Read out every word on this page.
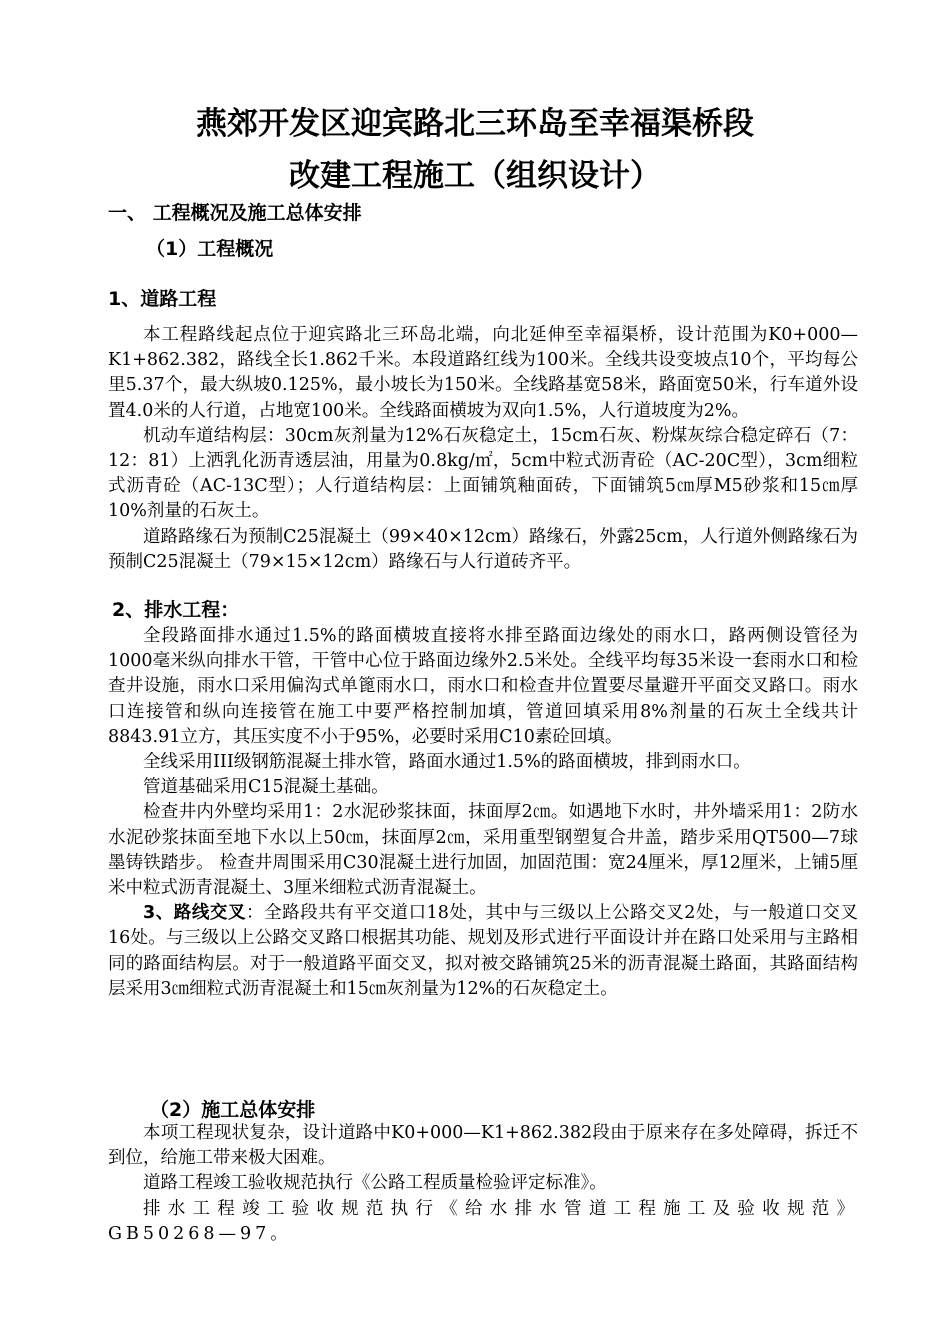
燕郊开发区迎宾路北三环岛至幸福渠桥段
改建工程施工（组织设计）
一、 工程概况及施工总体安排
（1）工程概况
1、道路工程

本工程路线起点位于迎宾路北三环岛北端，向北延伸至幸福渠桥，设计范围为K0+000—K1+862.382，路线全长1.862千米。本段道路红线为100米。全线共设变坡点10个，平均每公里5.37个，最大纵坡0.125%，最小坡长为150米。全线路基宽58米，路面宽50米，行车道外设置4.0米的人行道，占地宽100米。全线路面横坡为双向1.5%，人行道坡度为2%。

机动车道结构层：30cm灰剂量为12%石灰稳定土，15cm石灰、粉煤灰综合稳定碎石（7：12：81）上洒乳化沥青透层油，用量为0.8kg/㎡，5cm中粒式沥青砼（AC-20C型），3cm细粒式沥青砼（AC-13C型）；人行道结构层：上面铺筑釉面砖，下面铺筑5㎝厚M5砂浆和15㎝厚10%剂量的石灰土。

道路路缘石为预制C25混凝土（99×40×12cm）路缘石，外露25cm，人行道外侧路缘石为预制C25混凝土（79×15×12cm）路缘石与人行道砖齐平。

2、排水工程：

全段路面排水通过1.5%的路面横坡直接将水排至路面边缘处的雨水口，路两侧设管径为1000毫米纵向排水干管，干管中心位于路面边缘外2.5米处。全线平均每35米设一套雨水口和检查井设施，雨水口采用偏沟式单篦雨水口，雨水口和检查井位置要尽量避开平面交叉路口。雨水口连接管和纵向连接管在施工中要严格控制加填，管道回填采用8%剂量的石灰土全线共计8843.91立方，其压实度不小于95%，必要时采用C10素砼回填。

全线采用III级钢筋混凝土排水管，路面水通过1.5%的路面横坡，排到雨水口。

管道基础采用C15混凝土基础。

检查井内外壁均采用1：2水泥砂浆抹面，抹面厚2㎝。如遇地下水时，井外墙采用1：2防水水泥砂浆抹面至地下水以上50㎝，抹面厚2㎝，采用重型钢塑复合井盖，踏步采用QT500—7球墨铸铁踏步。 检查井周围采用C30混凝土进行加固，加固范围：宽24厘米，厚12厘米，上铺5厘米中粒式沥青混凝土、3厘米细粒式沥青混凝土。

3、路线交叉：全路段共有平交道口18处，其中与三级以上公路交叉2处，与一般道口交叉16处。与三级以上公路交叉路口根据其功能、规划及形式进行平面设计并在路口处采用与主路相同的路面结构层。对于一般道路平面交叉，拟对被交路铺筑25米的沥青混凝土路面，其路面结构层采用3㎝细粒式沥青混凝土和15㎝灰剂量为12%的石灰稳定土。

（2）施工总体安排

本项工程现状复杂，设计道路中K0+000—K1+862.382段由于原来存在多处障碍，拆迁不到位，给施工带来极大困难。

道路工程竣工验收规范执行《公路工程质量检验评定标准》。

排水工程竣工验收规范执行《给水排水管道工程施工及验收规范》GB50268—97。
